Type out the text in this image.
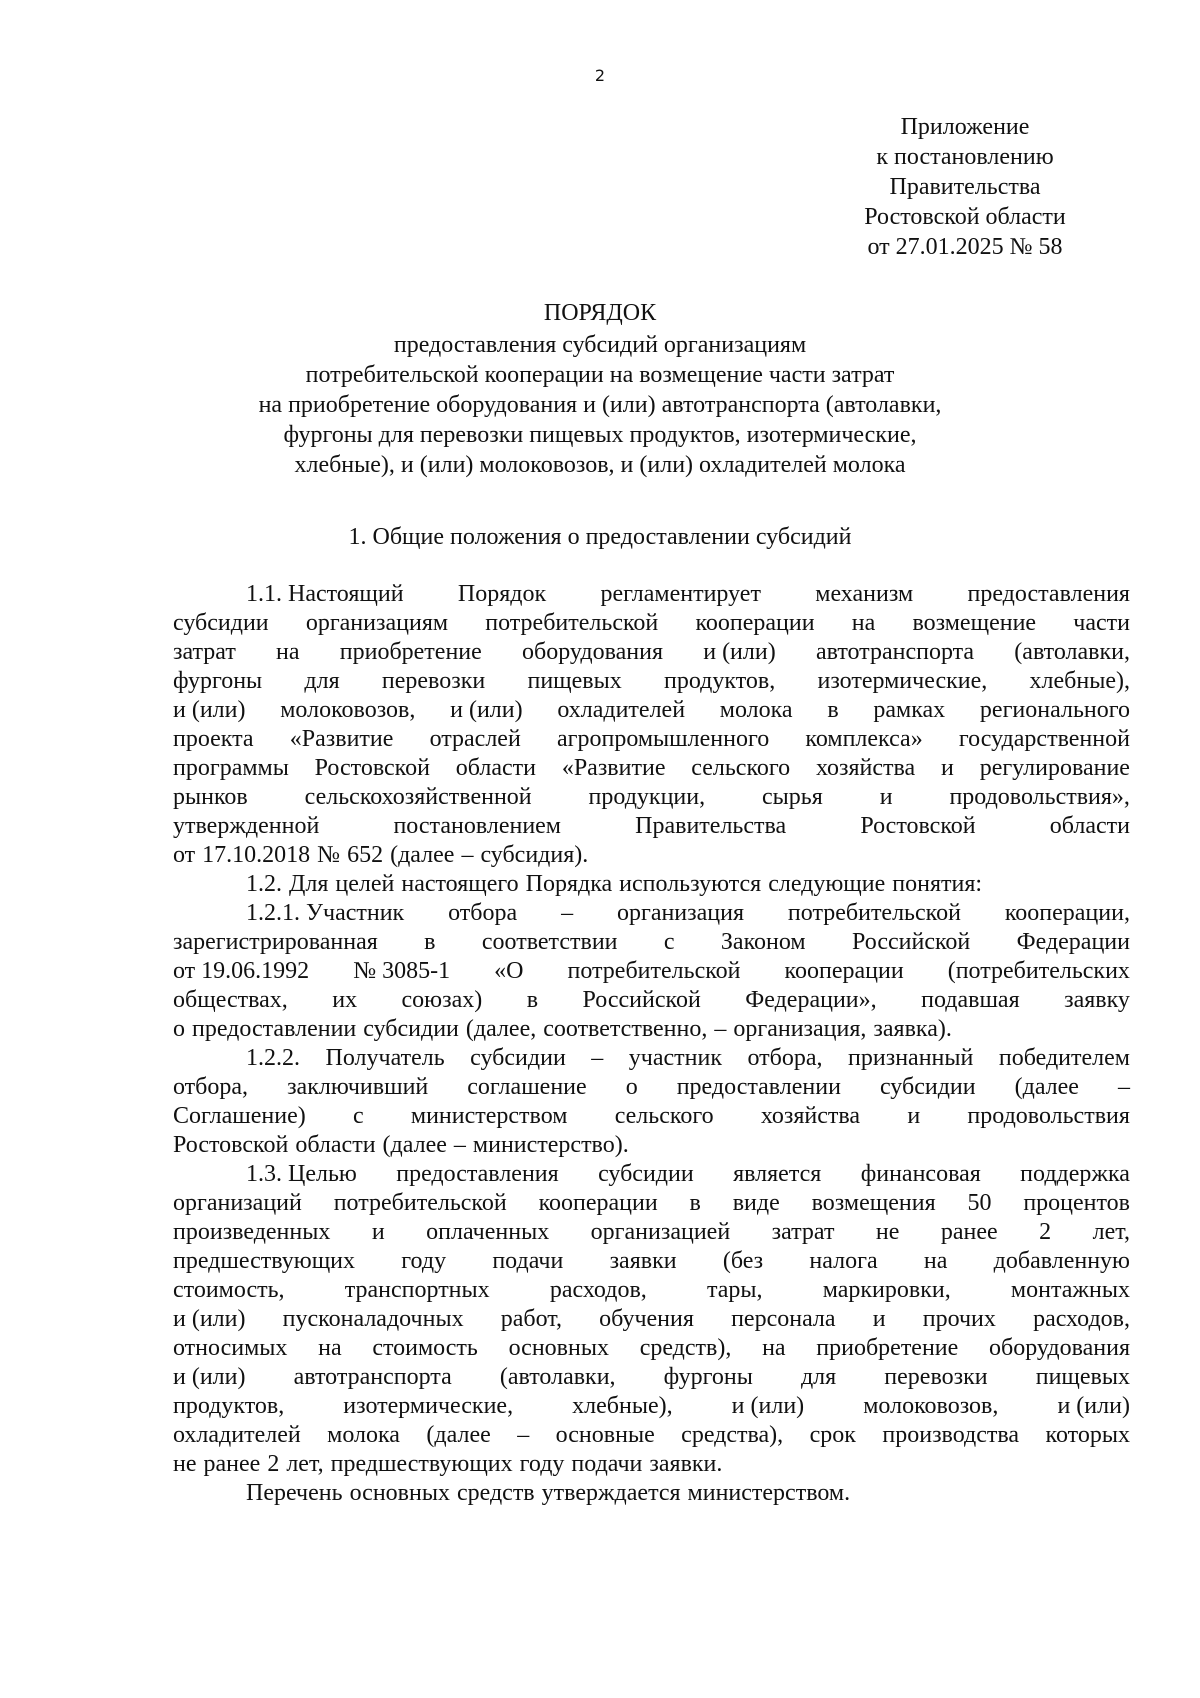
2
Приложение
к постановлению
Правительства
Ростовской области
от 27.01.2025 № 58
ПОРЯДОК
предоставления субсидий организациям
потребительской кооперации на возмещение части затрат
на приобретение оборудования и (или) автотранспорта (автолавки,
фургоны для перевозки пищевых продуктов, изотермические,
хлебные), и (или) молоковозов, и (или) охладителей молока
1. Общие положения о предоставлении субсидий
1.1. Настоящий Порядок регламентирует механизм предоставления
субсидии организациям потребительской кооперации на возмещение части
затрат на приобретение оборудования и (или) автотранспорта (автолавки,
фургоны для перевозки пищевых продуктов, изотермические, хлебные),
и (или) молоковозов, и (или) охладителей молока в рамках регионального
проекта «Развитие отраслей агропромышленного комплекса» государственной
программы Ростовской области «Развитие сельского хозяйства и регулирование
рынков сельскохозяйственной продукции, сырья и продовольствия»,
утвержденной	постановлением	Правительства	Ростовской	области
от 17.10.2018 № 652 (далее – субсидия).
1.2. Для целей настоящего Порядка используются следующие понятия:
1.2.1. Участник отбора – организация потребительской кооперации,
зарегистрированная в соответствии с Законом Российской Федерации
от 19.06.1992 № 3085-1 «О потребительской кооперации (потребительских
обществах, их союзах) в Российской Федерации», подавшая заявку
о предоставлении субсидии (далее, соответственно, – организация, заявка).
1.2.2. Получатель субсидии – участник отбора, признанный победителем
отбора, заключивший соглашение о предоставлении субсидии (далее –
Соглашение) с министерством сельского хозяйства и продовольствия
Ростовской области (далее – министерство).
1.3. Целью предоставления субсидии является финансовая поддержка
организаций потребительской кооперации в виде возмещения 50 процентов
произведенных и оплаченных организацией затрат не ранее 2 лет,
предшествующих году подачи заявки (без налога на добавленную
стоимость,	транспортных	расходов,	тары,	маркировки,	монтажных
и (или) пусконаладочных работ, обучения персонала и прочих расходов,
относимых на стоимость основных средств), на приобретение оборудования
и (или) автотранспорта (автолавки, фургоны для перевозки пищевых
продуктов, изотермические, хлебные), и (или) молоковозов, и (или)
охладителей молока (далее – основные средства), срок производства которых
не ранее 2 лет, предшествующих году подачи заявки.
Перечень основных средств утверждается министерством.
